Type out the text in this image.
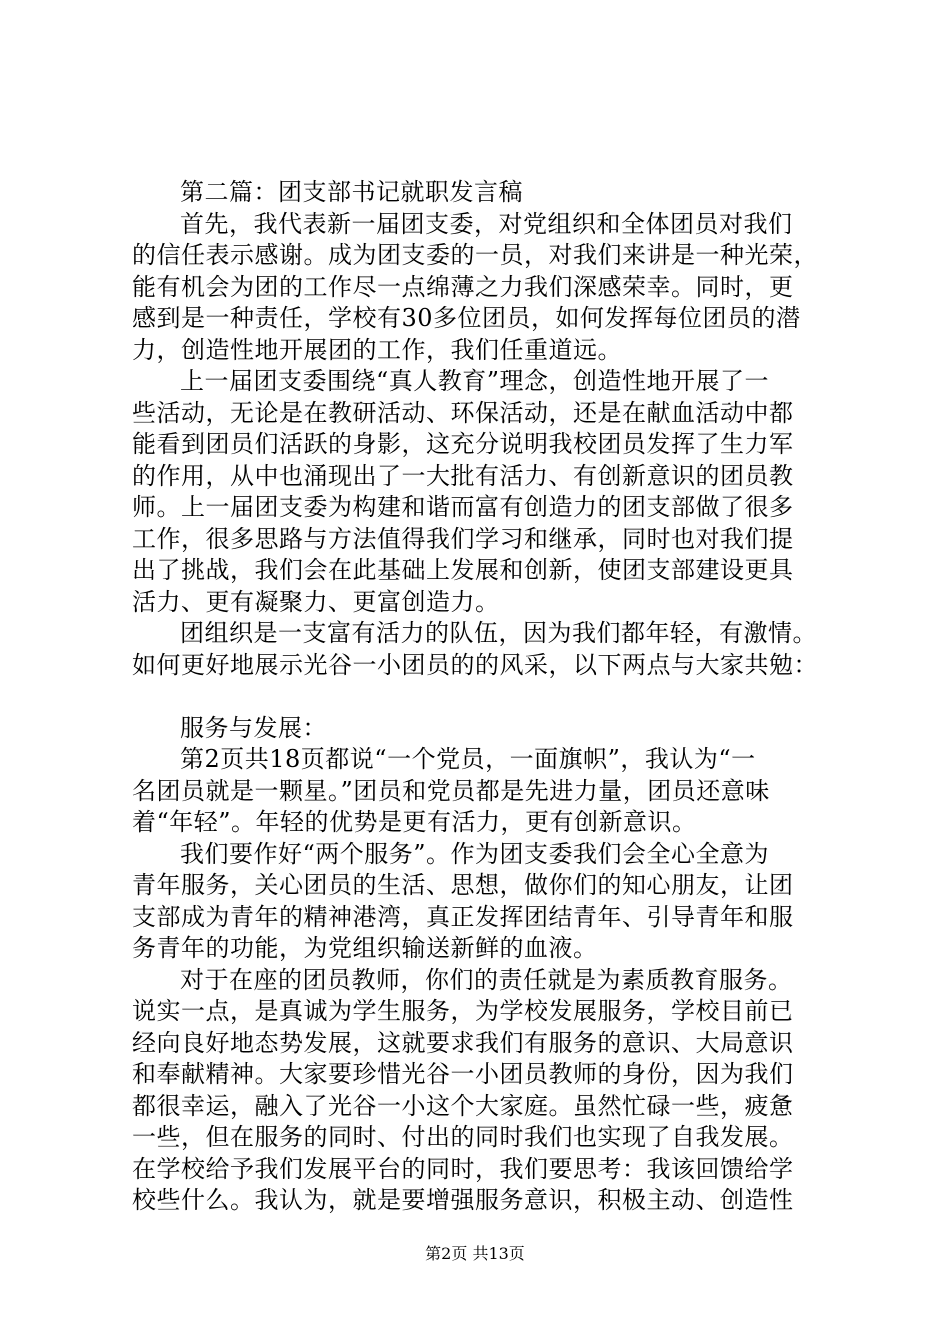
第二篇：团支部书记就职发言稿
首先，我代表新一届团支委，对党组织和全体团员对我们
的信任表示感谢。成为团支委的一员，对我们来讲是一种光荣，
能有机会为团的工作尽一点绵薄之力我们深感荣幸。同时，更
感到是一种责任，学校有30多位团员，如何发挥每位团员的潜
力，创造性地开展团的工作，我们任重道远。
上一届团支委围绕“真人教育”理念，创造性地开展了一
些活动，无论是在教研活动、环保活动，还是在献血活动中都
能看到团员们活跃的身影，这充分说明我校团员发挥了生力军
的作用，从中也涌现出了一大批有活力、有创新意识的团员教
师。上一届团支委为构建和谐而富有创造力的团支部做了很多
工作，很多思路与方法值得我们学习和继承，同时也对我们提
出了挑战，我们会在此基础上发展和创新，使团支部建设更具
活力、更有凝聚力、更富创造力。
团组织是一支富有活力的队伍，因为我们都年轻，有激情。
如何更好地展示光谷一小团员的的风采，以下两点与大家共勉：
服务与发展：
第2页共18页都说“一个党员，一面旗帜”，我认为“一
名团员就是一颗星。”团员和党员都是先进力量，团员还意味
着“年轻”。年轻的优势是更有活力，更有创新意识。
我们要作好“两个服务”。作为团支委我们会全心全意为
青年服务，关心团员的生活、思想，做你们的知心朋友，让团
支部成为青年的精神港湾，真正发挥团结青年、引导青年和服
务青年的功能，为党组织输送新鲜的血液。
对于在座的团员教师，你们的责任就是为素质教育服务。
说实一点，是真诚为学生服务，为学校发展服务，学校目前已
经向良好地态势发展，这就要求我们有服务的意识、大局意识
和奉献精神。大家要珍惜光谷一小团员教师的身份，因为我们
都很幸运，融入了光谷一小这个大家庭。虽然忙碌一些，疲惫
一些，但在服务的同时、付出的同时我们也实现了自我发展。
在学校给予我们发展平台的同时，我们要思考：我该回馈给学
校些什么。我认为，就是要增强服务意识，积极主动、创造性
第2页 共13页
